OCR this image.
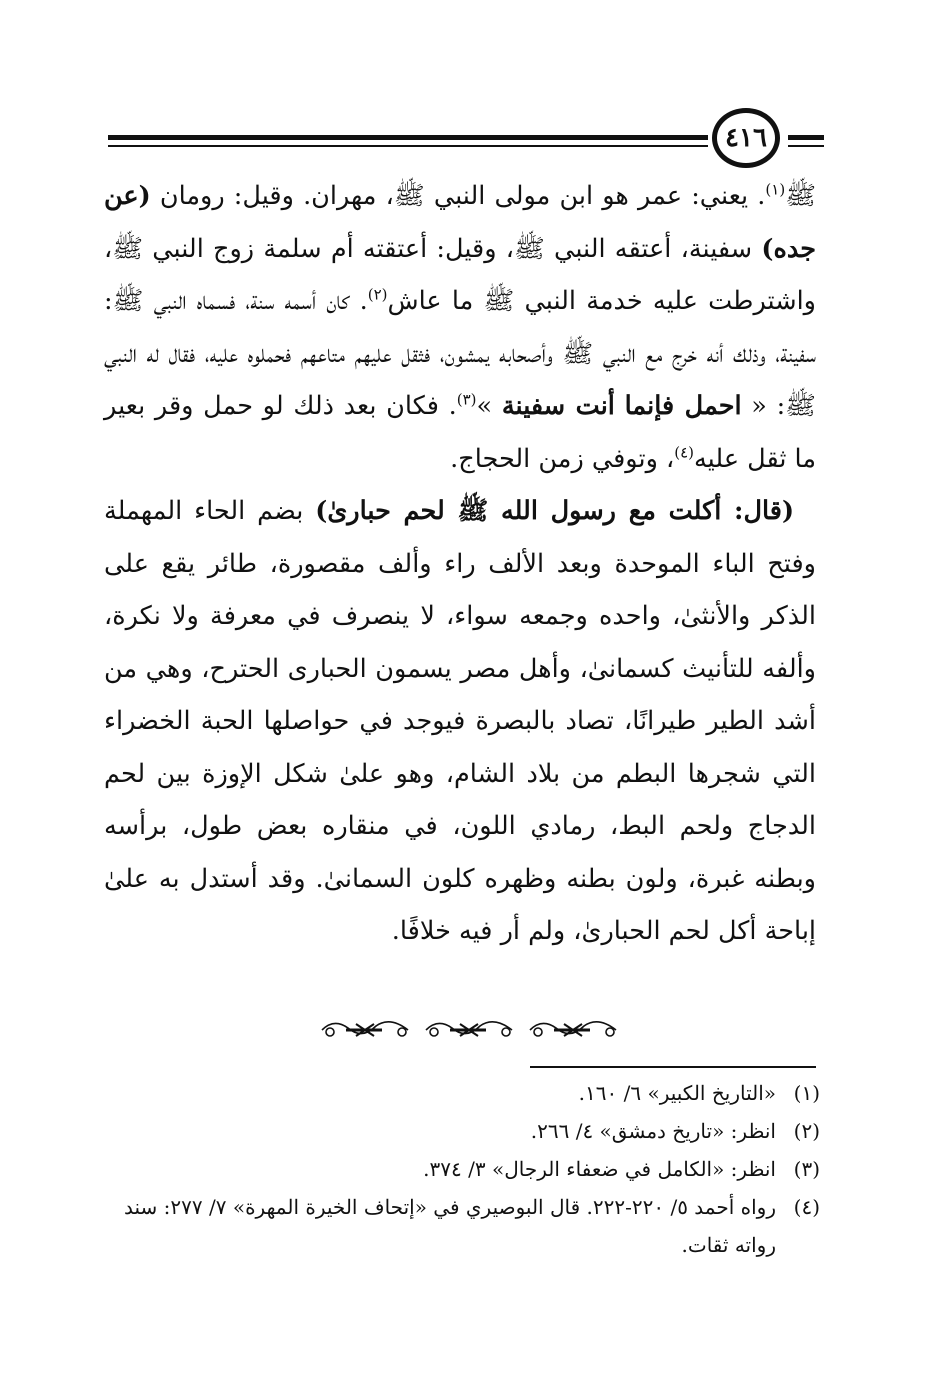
٤١٦

ﷺ$^{(١)}$. يعني: عمر هو ابن مولى النبي ﷺ، مهران. وقيل: رومان (عن جده) سفينة، أعتقه النبي ﷺ، وقيل: أعتقته أم سلمة زوج النبي ﷺ، واشترطت عليه خدمة النبي ﷺ ما عاش$^{(٢)}$. كان أسمه سنة، فسماه النبي ﷺ: سفينة، وذلك أنه خرج مع النبي ﷺ وأصحابه يمشون، فثقل عليهم متاعهم فحملوه عليه، فقال له النبي ﷺ: « احمل فإنما أنت سفينة »$^{(٣)}$. فكان بعد ذلك لو حمل وقر بعير ما ثقل عليه$^{(٤)}$، وتوفي زمن الحجاج.

(قال: أكلت مع رسول الله ﷺ لحم حبارىٰ) بضم الحاء المهملة وفتح الباء الموحدة وبعد الألف راء وألف مقصورة، طائر يقع على الذكر والأنثىٰ، واحده وجمعه سواء، لا ينصرف في معرفة ولا نكرة، وألفه للتأنيث كسمانىٰ، وأهل مصر يسمون الحبارى الحترح، وهي من أشد الطير طيرانًا، تصاد بالبصرة فيوجد في حواصلها الحبة الخضراء التي شجرها البطم من بلاد الشام، وهو علىٰ شكل الإوزة بين لحم الدجاج ولحم البط، رمادي اللون، في منقاره بعض طول، برأسه وبطنه غبرة، ولون بطنه وظهره كلون السمانىٰ. وقد أستدل به علىٰ إباحة أكل لحم الحبارىٰ، ولم أر فيه خلافًا.

(١)
«التاريخ الكبير» ٦/ ١٦٠.
(٢)
انظر: «تاريخ دمشق» ٤/ ٢٦٦.
(٣)
انظر: «الكامل في ضعفاء الرجال» ٣/ ٣٧٤.
(٤)
رواه أحمد ٥/ ٢٢٠-٢٢٢. قال البوصيري في «إتحاف الخيرة المهرة» ٧/ ٢٧٧: سند رواته ثقات.
